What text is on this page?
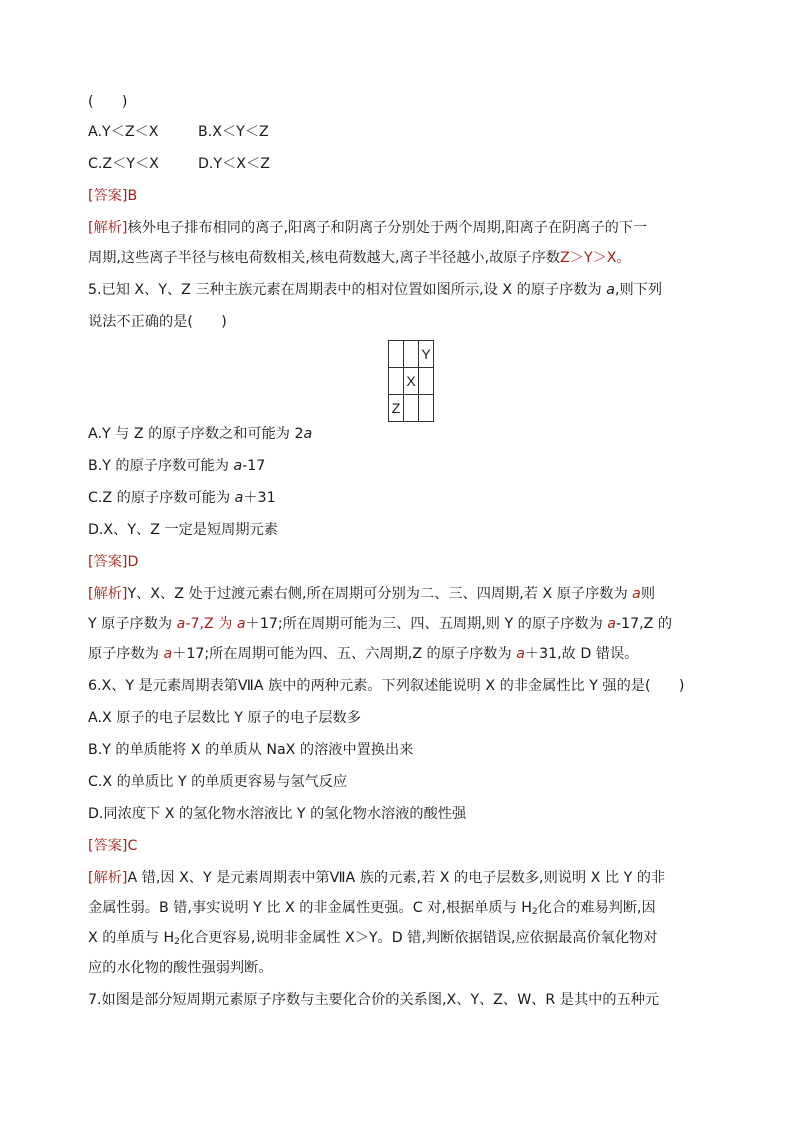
(　　)
A.Y＜Z＜X	B.X＜Y＜Z
C.Z＜Y＜X	D.Y＜X＜Z
[答案]B
[解析]核外电子排布相同的离子,阳离子和阴离子分别处于两个周期,阳离子在阴离子的下一
周期,这些离子半径与核电荷数相关,核电荷数越大,离子半径越小,故原子序数Z＞Y＞X。
5.已知 X、Y、Z 三种主族元素在周期表中的相对位置如图所示,设 X 的原子序数为 a,则下列
说法不正确的是(　　)
		Y
	X	
Z		
A.Y 与 Z 的原子序数之和可能为 2a
B.Y 的原子序数可能为 a-17
C.Z 的原子序数可能为 a＋31
D.X、Y、Z 一定是短周期元素
[答案]D
[解析]Y、X、Z 处于过渡元素右侧,所在周期可分别为二、三、四周期,若 X 原子序数为 a则
Y 原子序数为 a-7,Z 为 a＋17;所在周期可能为三、四、五周期,则 Y 的原子序数为 a-17,Z 的
原子序数为 a＋17;所在周期可能为四、五、六周期,Z 的原子序数为 a＋31,故 D 错误。
6.X、Y 是元素周期表第ⅦA 族中的两种元素。下列叙述能说明 X 的非金属性比 Y 强的是(　　)
A.X 原子的电子层数比 Y 原子的电子层数多
B.Y 的单质能将 X 的单质从 NaX 的溶液中置换出来
C.X 的单质比 Y 的单质更容易与氢气反应
D.同浓度下 X 的氢化物水溶液比 Y 的氢化物水溶液的酸性强
[答案]C
[解析]A 错,因 X、Y 是元素周期表中第ⅦA 族的元素,若 X 的电子层数多,则说明 X 比 Y 的非
金属性弱。B 错,事实说明 Y 比 X 的非金属性更强。C 对,根据单质与 $H_2$化合的难易判断,因
X 的单质与 $H_2$化合更容易,说明非金属性 X＞Y。D 错,判断依据错误,应依据最高价氧化物对
应的水化物的酸性强弱判断。
7.如图是部分短周期元素原子序数与主要化合价的关系图,X、Y、Z、W、R 是其中的五种元
